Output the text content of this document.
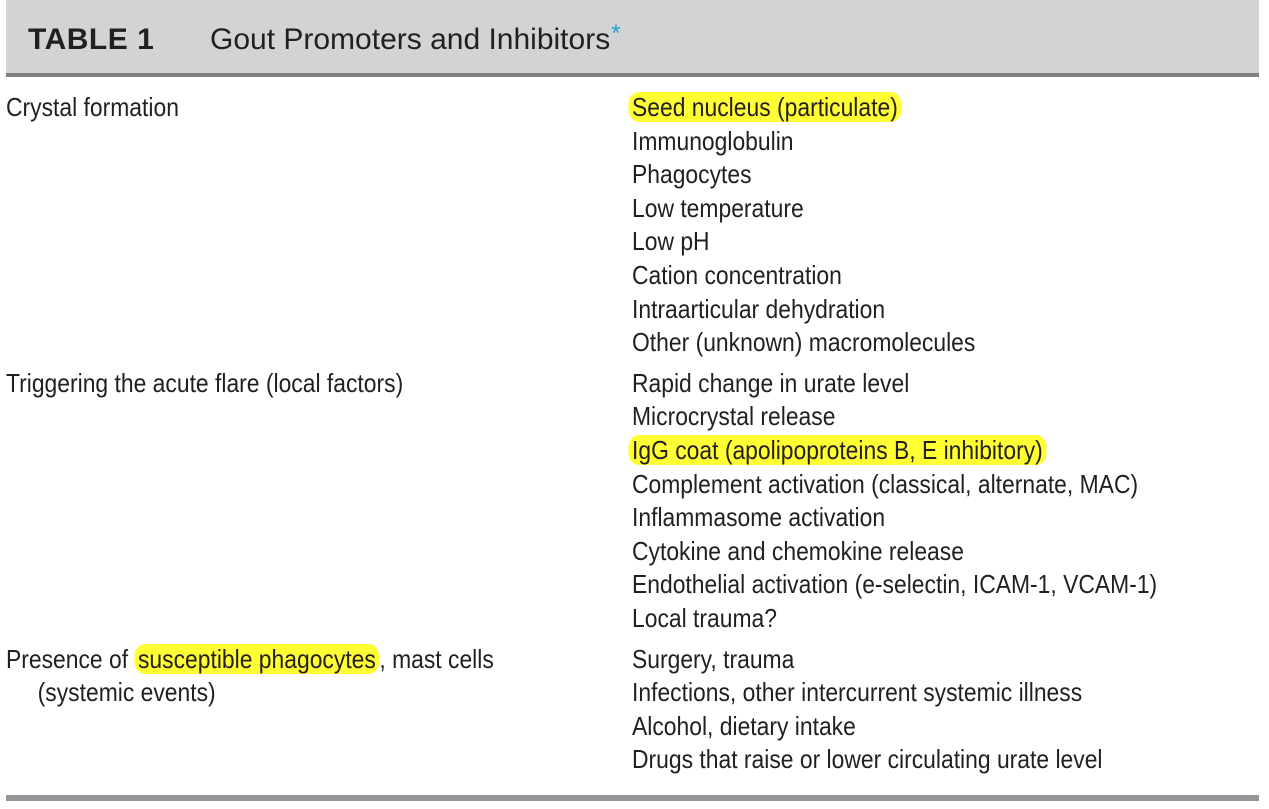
TABLE 1 Gout Promoters and Inhibitors*
Crystal formation	Seed nucleus (particulate)
Immunoglobulin
Phagocytes
Low temperature
Low pH
Cation concentration
Intraarticular dehydration
Other (unknown) macromolecules
Triggering the acute flare (local factors)	Rapid change in urate level
Microcrystal release
IgG coat (apolipoproteins B, E inhibitory)
Complement activation (classical, alternate, MAC)
Inflammasome activation
Cytokine and chemokine release
Endothelial activation (e-selectin, ICAM-1, VCAM-1)
Local trauma?
Presence of susceptible phagocytes , mast cells
(systemic events)
Surgery, trauma
Infections, other intercurrent systemic illness
Alcohol, dietary intake
Drugs that raise or lower circulating urate level
